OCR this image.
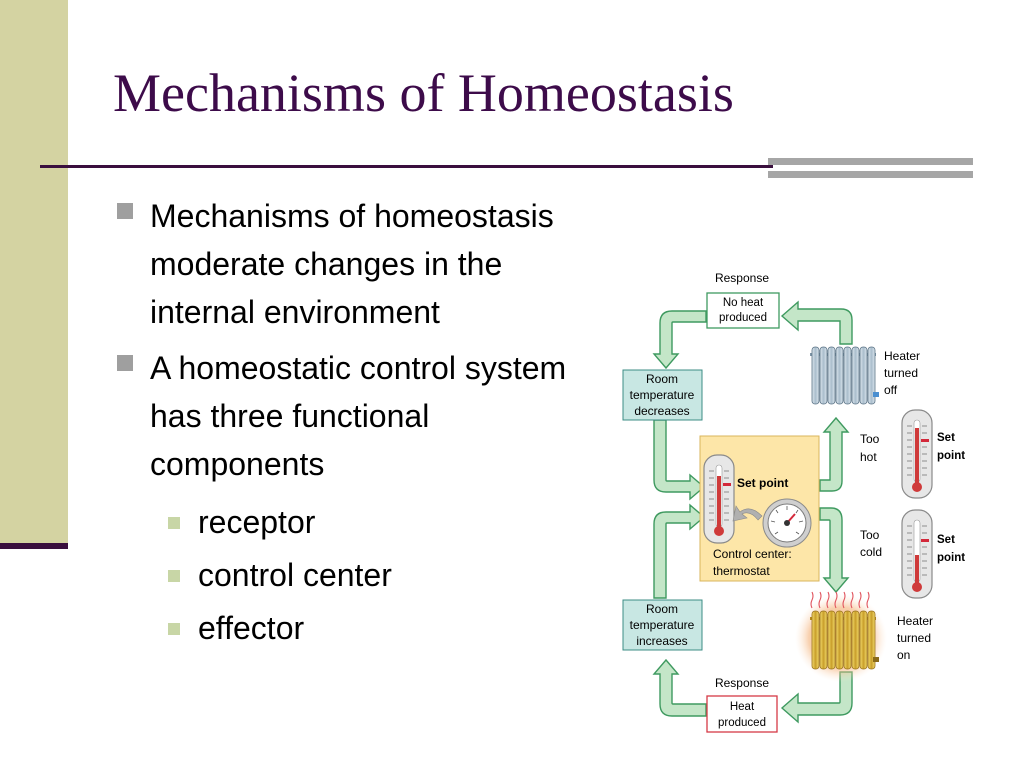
Mechanisms of Homeostasis
Mechanisms of homeostasis moderate changes in the internal environment
A homeostatic control system has three functional components
receptor
control center
effector
Response
No heat
produced
Heater
turned
off
Room
temperature
decreases
Too
hot
Set
point
Set point
Control center:
thermostat
Too
cold
Set
point
Room
temperature
increases
Heater
turned
on
Response
Heat
produced
